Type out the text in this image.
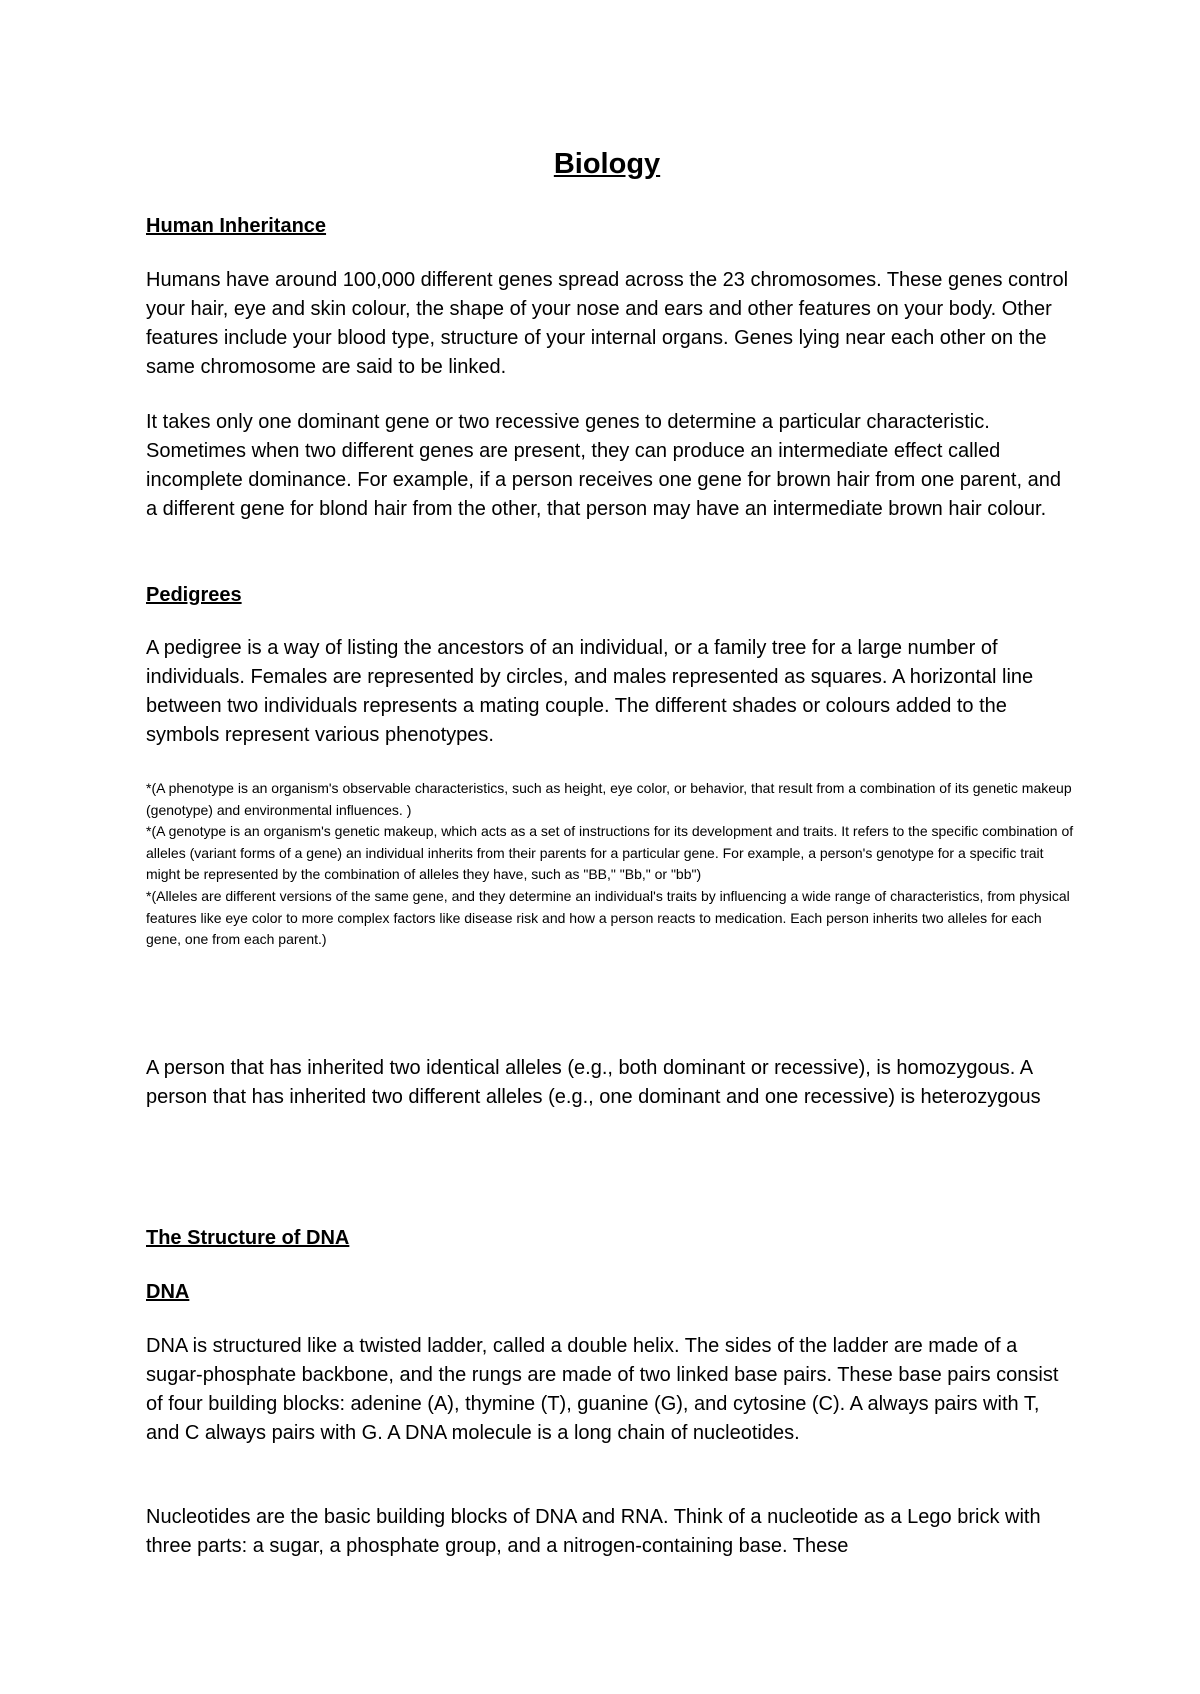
Biology
Human Inheritance

Humans have around 100,000 different genes spread across the 23 chromosomes. These genes control your hair, eye and skin colour, the shape of your nose and ears and other features on your body. Other features include your blood type, structure of your internal organs. Genes lying near each other on the same chromosome are said to be linked.

It takes only one dominant gene or two recessive genes to determine a particular characteristic. Sometimes when two different genes are present, they can produce an intermediate effect called incomplete dominance. For example, if a person receives one gene for brown hair from one parent, and a different gene for blond hair from the other, that person may have an intermediate brown hair colour.

Pedigrees

A pedigree is a way of listing the ancestors of an individual, or a family tree for a large number of individuals. Females are represented by circles, and males represented as squares. A horizontal line between two individuals represents a mating couple. The different shades or colours added to the symbols represent various phenotypes.

*(A phenotype is an organism's observable characteristics, such as height, eye color, or behavior, that result from a combination of its genetic makeup (genotype) and environmental influences. )

*(A genotype is an organism's genetic makeup, which acts as a set of instructions for its development and traits. It refers to the specific combination of alleles (variant forms of a gene) an individual inherits from their parents for a particular gene. For example, a person's genotype for a specific trait might be represented by the combination of alleles they have, such as "BB," "Bb," or "bb")

*(Alleles are different versions of the same gene, and they determine an individual's traits by influencing a wide range of characteristics, from physical features like eye color to more complex factors like disease risk and how a person reacts to medication. Each person inherits two alleles for each gene, one from each parent.)

A person that has inherited two identical alleles (e.g., both dominant or recessive), is homozygous. A person that has inherited two different alleles (e.g., one dominant and one recessive) is heterozygous

The Structure of DNA
DNA

DNA is structured like a twisted ladder, called a double helix. The sides of the ladder are made of a sugar-phosphate backbone, and the rungs are made of two linked base pairs. These base pairs consist of four building blocks: adenine (A), thymine (T), guanine (G), and cytosine (C). A always pairs with T, and C always pairs with G. A DNA molecule is a long chain of nucleotides.

Nucleotides are the basic building blocks of DNA and RNA. Think of a nucleotide as a Lego brick with three parts: a sugar, a phosphate group, and a nitrogen-containing base. These
